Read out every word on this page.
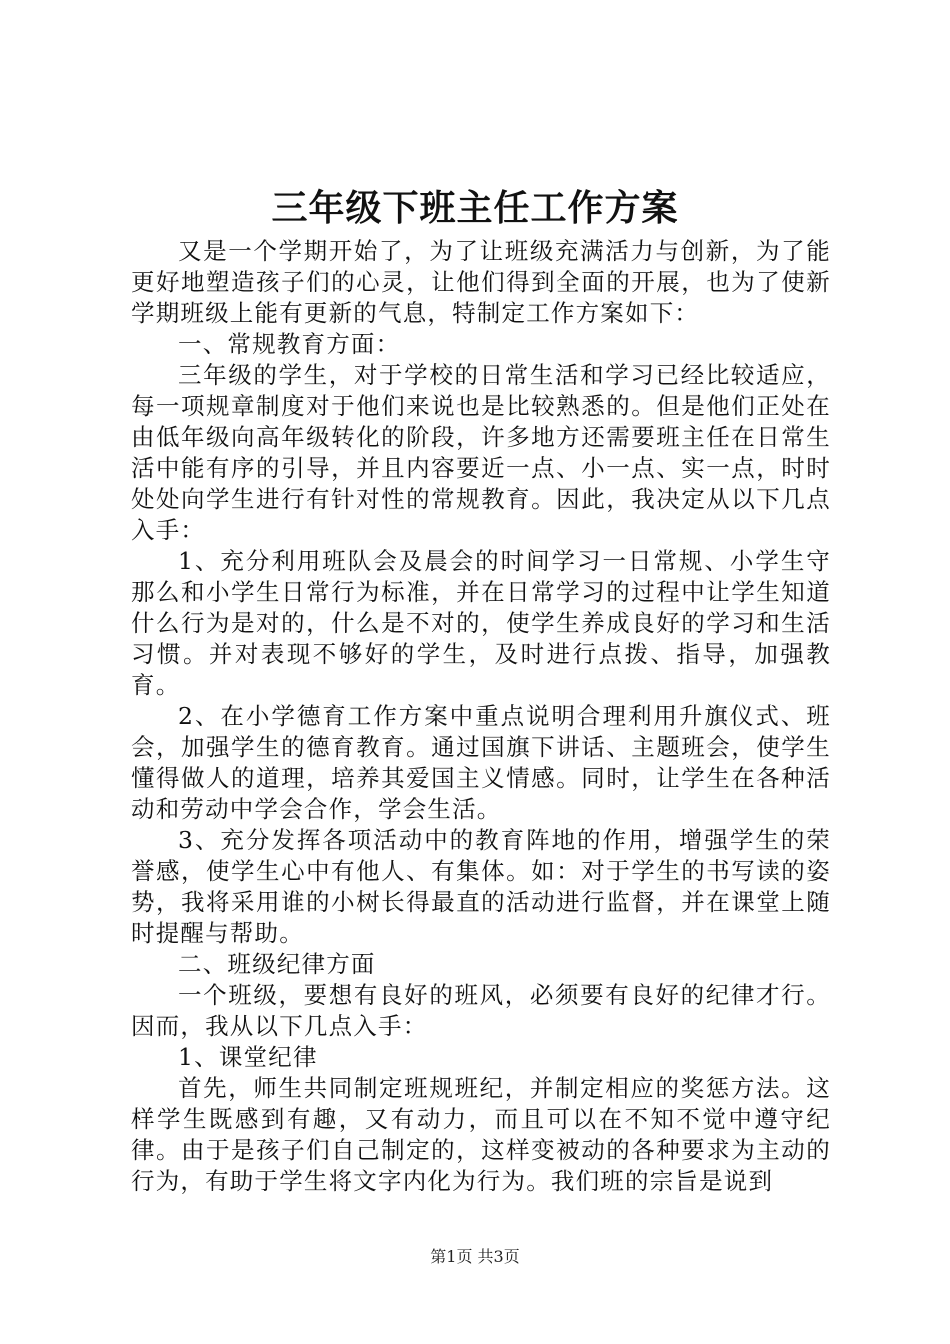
三年级下班主任工作方案

又是一个学期开始了，为了让班级充满活力与创新，为了能更好地塑造孩子们的心灵，让他们得到全面的开展，也为了使新学期班级上能有更新的气息，特制定工作方案如下：

一、常规教育方面：

三年级的学生，对于学校的日常生活和学习已经比较适应，每一项规章制度对于他们来说也是比较熟悉的。但是他们正处在由低年级向高年级转化的阶段，许多地方还需要班主任在日常生活中能有序的引导，并且内容要近一点、小一点、实一点，时时处处向学生进行有针对性的常规教育。因此，我决定从以下几点入手：

1、充分利用班队会及晨会的时间学习一日常规、小学生守那么和小学生日常行为标准，并在日常学习的过程中让学生知道什么行为是对的，什么是不对的，使学生养成良好的学习和生活习惯。并对表现不够好的学生，及时进行点拨、指导，加强教育。

2、在小学德育工作方案中重点说明合理利用升旗仪式、班会，加强学生的德育教育。通过国旗下讲话、主题班会，使学生懂得做人的道理，培养其爱国主义情感。同时，让学生在各种活动和劳动中学会合作，学会生活。

3、充分发挥各项活动中的教育阵地的作用，增强学生的荣誉感，使学生心中有他人、有集体。如：对于学生的书写读的姿势，我将采用谁的小树长得最直的活动进行监督，并在课堂上随时提醒与帮助。

二、班级纪律方面

一个班级，要想有良好的班风，必须要有良好的纪律才行。因而，我从以下几点入手：

1、课堂纪律

首先，师生共同制定班规班纪，并制定相应的奖惩方法。这样学生既感到有趣，又有动力，而且可以在不知不觉中遵守纪律。由于是孩子们自己制定的，这样变被动的各种要求为主动的行为，有助于学生将文字内化为行为。我们班的宗旨是说到

第1页 共3页
